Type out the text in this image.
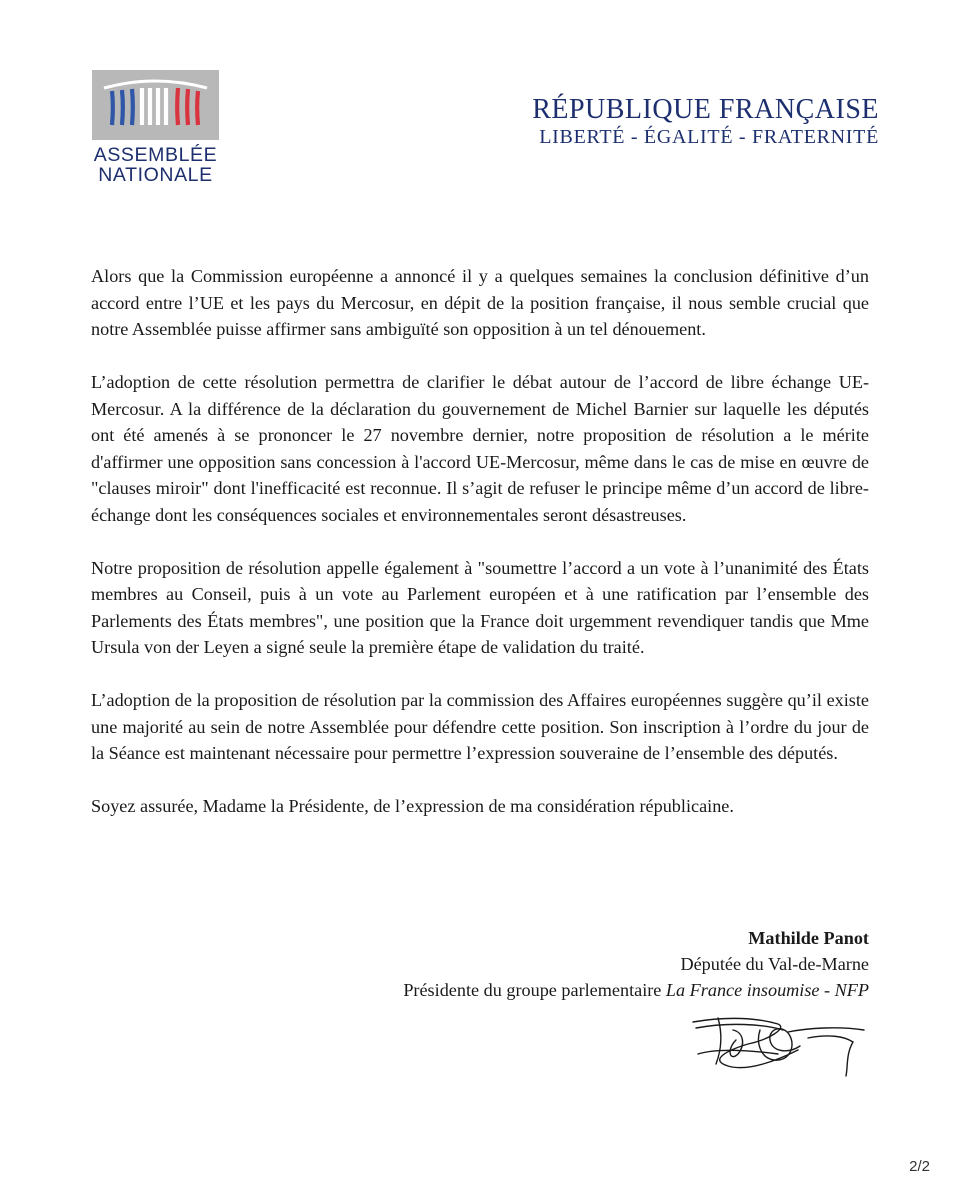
ASSEMBLÉE
NATIONALE
RÉPUBLIQUE FRANÇAISE
LIBERTÉ - ÉGALITÉ - FRATERNITÉ

Alors que la Commission européenne a annoncé il y a quelques semaines la conclusion définitive d’un accord entre l’UE et les pays du Mercosur, en dépit de la position française, il nous semble crucial que notre Assemblée puisse affirmer sans ambiguïté son opposition à un tel dénouement.

L’adoption de cette résolution permettra de clarifier le débat autour de l’accord de libre échange UE-Mercosur. A la différence de la déclaration du gouvernement de Michel Barnier sur laquelle les députés ont été amenés à se prononcer le 27 novembre dernier, notre proposition de résolution a le mérite d'affirmer une opposition sans concession à l'accord UE-Mercosur, même dans le cas de mise en œuvre de "clauses miroir" dont l'inefficacité est reconnue. Il s’agit de refuser le principe même d’un accord de libre-échange dont les conséquences sociales et environnementales seront désastreuses.

Notre proposition de résolution appelle également à "soumettre l’accord a un vote à l’unanimité des États membres au Conseil, puis à un vote au Parlement européen et à une ratification par l’ensemble des Parlements des États membres", une position que la France doit urgemment revendiquer tandis que Mme Ursula von der Leyen a signé seule la première étape de validation du traité.

L’adoption de la proposition de résolution par la commission des Affaires européennes suggère qu’il existe une majorité au sein de notre Assemblée pour défendre cette position. Son inscription à l’ordre du jour de la Séance est maintenant nécessaire pour permettre l’expression souveraine de l’ensemble des députés.

Soyez assurée, Madame la Présidente, de l’expression de ma considération républicaine.

Mathilde Panot
Députée du Val-de-Marne
Présidente du groupe parlementaire La France insoumise - NFP
2/2
